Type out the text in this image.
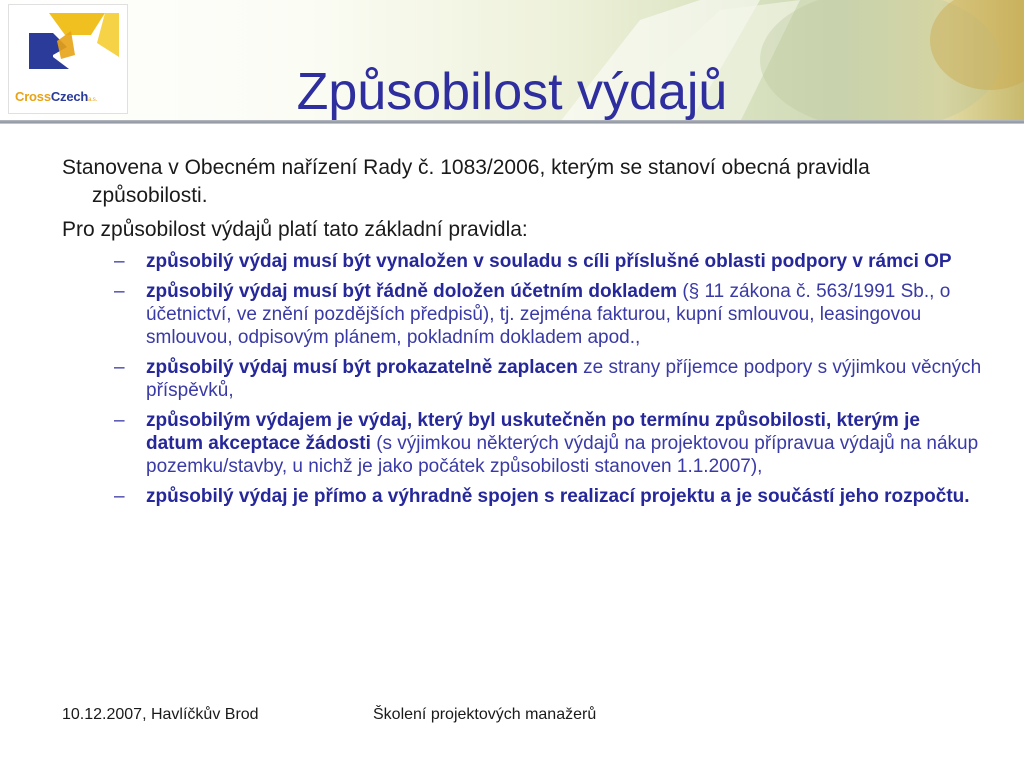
CrossCzecha.s.	Způsobilost výdajů
Stanovena v Obecném nařízení Rady č. 1083/2006, kterým se stanoví obecná pravidla způsobilosti.
Pro způsobilost výdajů platí tato základní pravidla:
– způsobilý výdaj musí být vynaložen v souladu s cíli příslušné oblasti podpory v rámci OP
– způsobilý výdaj musí být řádně doložen účetním dokladem (§ 11 zákona č. 563/1991 Sb., o účetnictví, ve znění pozdějších předpisů), tj. zejména fakturou, kupní smlouvou, leasingovou smlouvou, odpisovým plánem, pokladním dokladem apod.,
– způsobilý výdaj musí být prokazatelně zaplacen ze strany příjemce podpory s výjimkou věcných příspěvků,
– způsobilým výdajem je výdaj, který byl uskutečněn po termínu způsobilosti, kterým je datum akceptace žádosti (s výjimkou některých výdajů na projektovou přípravua výdajů na nákup pozemku/stavby, u nichž je jako počátek způsobilosti stanoven 1.1.2007),
– způsobilý výdaj je přímo a výhradně spojen s realizací projektu a je součástí jeho rozpočtu.
10.12.2007, Havlíčkův Brod	Školení projektových manažerů
